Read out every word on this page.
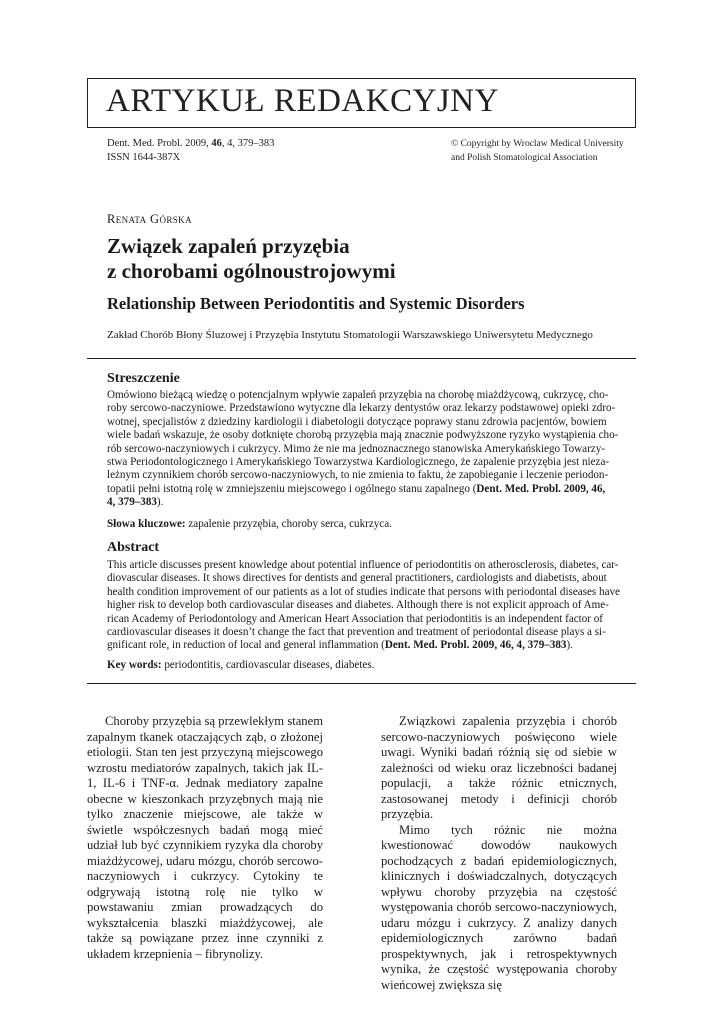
ARTYKUŁ REDAKCYJNY
Dent. Med. Probl. 2009, 46, 4, 379–383
ISSN 1644-387X
© Copyright by Wroclaw Medical University
and Polish Stomatological Association
Renata Górska
Związek zapaleń przyzębia
z chorobami ogólnoustrojowymi
Relationship Between Periodontitis and Systemic Disorders
Zakład Chorób Błony Śluzowej i Przyzębia Instytutu Stomatologii Warszawskiego Uniwersytetu Medycznego
Streszczenie
Omówiono bieżącą wiedzę o potencjalnym wpływie zapaleń przyzębia na chorobę miażdżycową, cukrzycę, cho-
roby sercowo-naczyniowe. Przedstawiono wytyczne dla lekarzy dentystów oraz lekarzy podstawowej opieki zdro-
wotnej, specjalistów z dziedziny kardiologii i diabetologii dotyczące poprawy stanu zdrowia pacjentów, bowiem
wiele badań wskazuje, że osoby dotknięte chorobą przyzębia mają znacznie podwyższone ryzyko wystąpienia cho-
rób sercowo-naczyniowych i cukrzycy. Mimo że nie ma jednoznacznego stanowiska Amerykańskiego Towarzy-
stwa Periodontologicznego i Amerykańskiego Towarzystwa Kardiologicznego, że zapalenie przyzębia jest nieza-
leżnym czynnikiem chorób sercowo-naczyniowych, to nie zmienia to faktu, że zapobieganie i leczenie periodon-
topatii pełni istotną rolę w zmniejszeniu miejscowego i ogólnego stanu zapalnego (Dent. Med. Probl. 2009, 46,
4, 379–383).
Słowa kluczowe: zapalenie przyzębia, choroby serca, cukrzyca.
Abstract
This article discusses present knowledge about potential influence of periodontitis on atherosclerosis, diabetes, car-
diovascular diseases. It shows directives for dentists and general practitioners, cardiologists and diabetists, about
health condition improvement of our patients as a lot of studies indicate that persons with periodontal diseases have
higher risk to develop both cardiovascular diseases and diabetes. Although there is not explicit approach of Ame-
rican Academy of Periodontology and American Heart Association that periodontitis is an independent factor of
cardiovascular diseases it doesn’t change the fact that prevention and treatment of periodontal disease plays a si-
gnificant role, in reduction of local and general inflammation (Dent. Med. Probl. 2009, 46, 4, 379–383).
Key words: periodontitis, cardiovascular diseases, diabetes.

Choroby przyzębia są przewlekłym stanem zapalnym tkanek otaczających ząb, o złożonej etiologii. Stan ten jest przyczyną miejscowego wzrostu mediatorów zapalnych, takich jak IL-1, IL-6 i TNF-α. Jednak mediatory zapalne obecne w kieszonkach przyzębnych mają nie tylko znaczenie miejscowe, ale także w świetle współczesnych badań mogą mieć udział lub być czynnikiem ryzyka dla choroby miażdżycowej, udaru mózgu, chorób sercowo-naczyniowych i cukrzycy. Cytokiny te odgrywają istotną rolę nie tylko w powstawaniu zmian prowadzących do wykształcenia blaszki miażdżycowej, ale także są powiązane przez inne czynniki z układem krzepnienia – fibrynolizy.

Związkowi zapalenia przyzębia i chorób sercowo-naczyniowych poświęcono wiele uwagi. Wyniki badań różnią się od siebie w zależności od wieku oraz liczebności badanej populacji, a także różnic etnicznych, zastosowanej metody i definicji chorób przyzębia.

Mimo tych różnic nie można kwestionować dowodów naukowych pochodzących z badań epidemiologicznych, klinicznych i doświadczalnych, dotyczących wpływu choroby przyzębia na częstość występowania chorób sercowo-naczyniowych, udaru mózgu i cukrzycy. Z analizy danych epidemiologicznych zarówno badań prospektywnych, jak i retrospektywnych wynika, że częstość występowania choroby wieńcowej zwiększa się
